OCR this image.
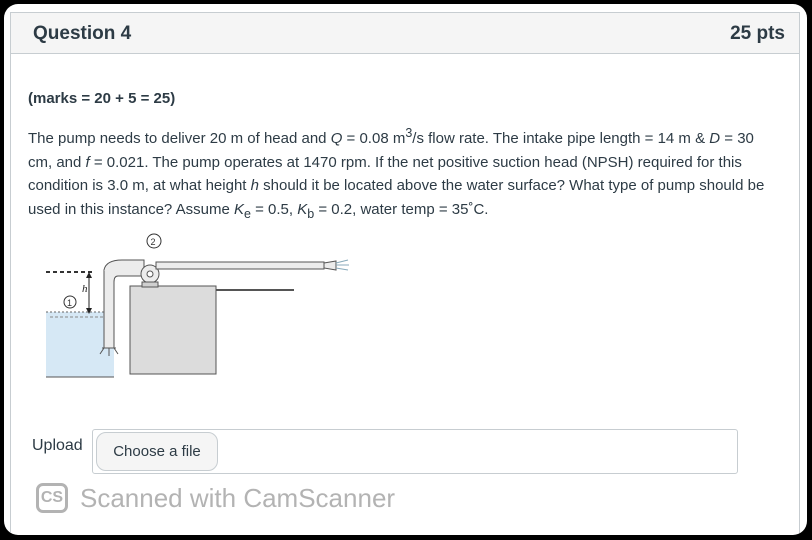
Question 4	25 pts
(marks = 20 + 5 = 25)
The pump needs to deliver 20 m of head and Q = 0.08 $m^3/s$ flow rate. The intake pipe length = 14 m & D = 30 cm, and f = 0.021. The pump operates at 1470 rpm. If the net positive suction head (NPSH) required for this condition is 3.0 m, at what height h should it be located above the water surface? What type of pump should be used in this instance? Assume $K_e = 0.5$, $K_b = 0.2$, water temp = 35˚C.
h
1
2
Upload	Choose a file
CS Scanned with CamScanner
